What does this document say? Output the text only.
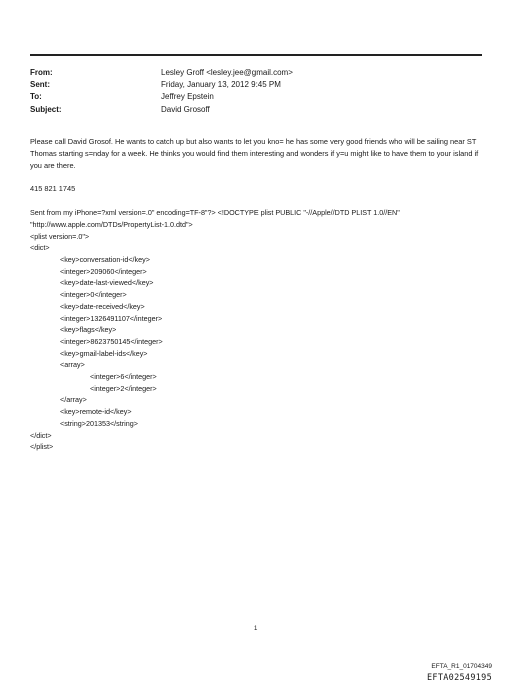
From:	Lesley Groff <lesley.jee@gmail.com>
Sent:	Friday, January 13, 2012 9:45 PM
To:	Jeffrey Epstein
Subject:	David Grosoff

Please call David Grosof. He wants to catch up but also wants to let you kno= he has some very good friends who will be sailing near ST Thomas starting s=nday for a week. He thinks you would find them interesting and wonders if y=u might like to have them to your island if you are there.

415 821 1745

Sent from my iPhone=?xml version=.0" encoding=TF-8"?> <!DOCTYPE plist PUBLIC "-//Apple//DTD PLIST 1.0//EN" "http://www.apple.com/DTDs/PropertyList-1.0.dtd">

<plist version=.0">
<dict>
<key>conversation-id</key>
<integer>209060</integer>
<key>date-last-viewed</key>
<integer>0</integer>
<key>date-received</key>
<integer>1326491107</integer>
<key>flags</key>
<integer>8623750145</integer>
<key>gmail-label-ids</key>
<array>
<integer>6</integer>
<integer>2</integer>
</array>
<key>remote-id</key>
<string>201353</string>
</dict>
</plist>
1
EFTA_R1_01704349
EFTA02549195
